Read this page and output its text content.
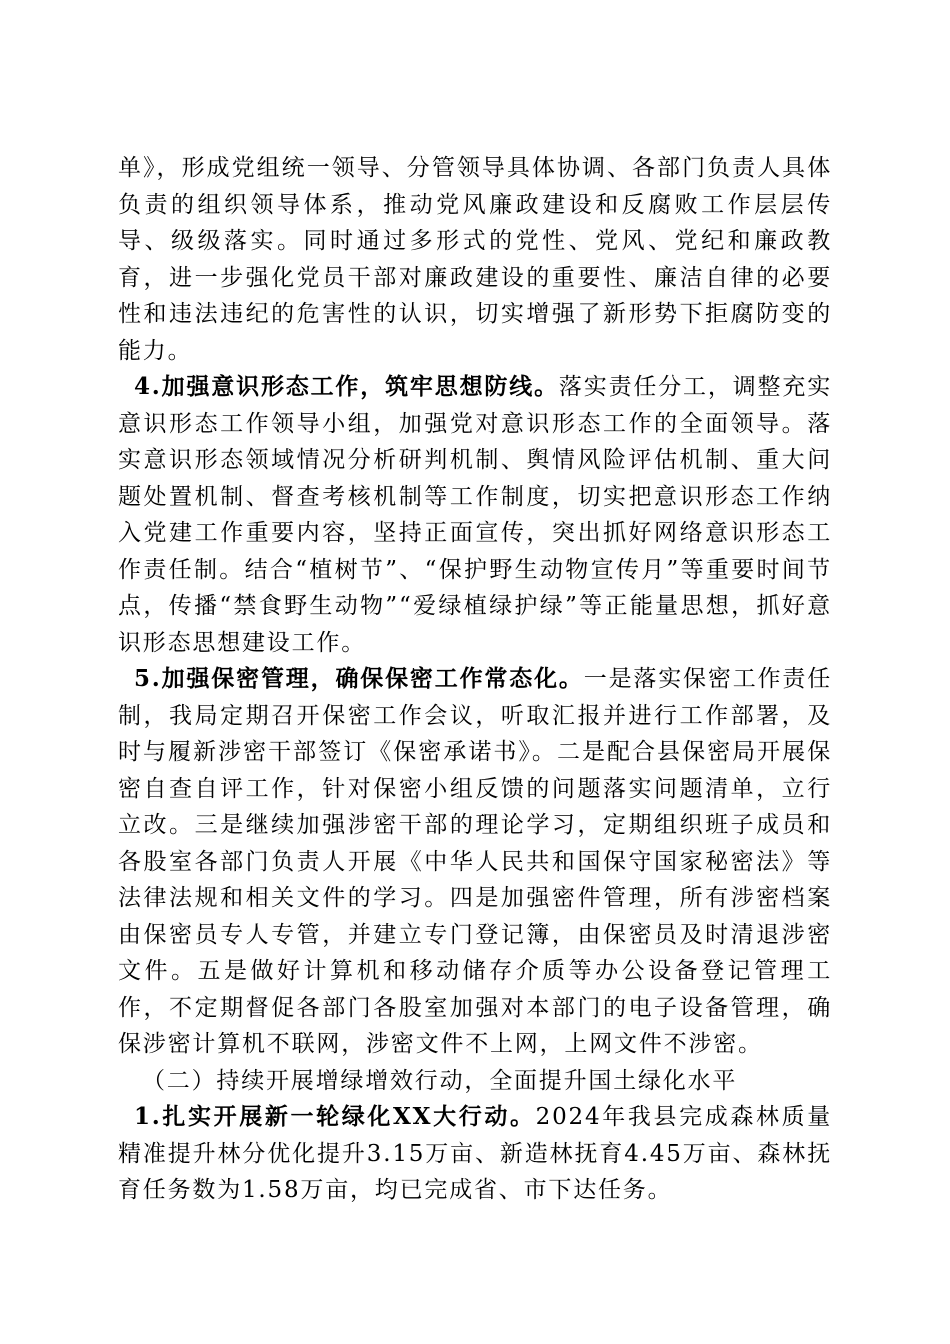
单》，形成党组统一领导、分管领导具体协调、各部门负责人具体负责的组织领导体系，推动党风廉政建设和反腐败工作层层传导、级级落实。同时通过多形式的党性、党风、党纪和廉政教育，进一步强化党员干部对廉政建设的重要性、廉洁自律的必要性和违法违纪的危害性的认识，切实增强了新形势下拒腐防变的能力。

4.加强意识形态工作，筑牢思想防线。落实责任分工，调整充实意识形态工作领导小组，加强党对意识形态工作的全面领导。落实意识形态领域情况分析研判机制、舆情风险评估机制、重大问题处置机制、督查考核机制等工作制度，切实把意识形态工作纳入党建工作重要内容，坚持正面宣传，突出抓好网络意识形态工作责任制。结合“植树节”、“保护野生动物宣传月”等重要时间节点，传播“禁食野生动物”“爱绿植绿护绿”等正能量思想，抓好意识形态思想建设工作。

5.加强保密管理，确保保密工作常态化。一是落实保密工作责任制，我局定期召开保密工作会议，听取汇报并进行工作部署，及时与履新涉密干部签订《保密承诺书》。二是配合县保密局开展保密自查自评工作，针对保密小组反馈的问题落实问题清单，立行立改。三是继续加强涉密干部的理论学习，定期组织班子成员和各股室各部门负责人开展《中华人民共和国保守国家秘密法》等法律法规和相关文件的学习。四是加强密件管理，所有涉密档案由保密员专人专管，并建立专门登记簿，由保密员及时清退涉密文件。五是做好计算机和移动储存介质等办公设备登记管理工作，不定期督促各部门各股室加强对本部门的电子设备管理，确保涉密计算机不联网，涉密文件不上网，上网文件不涉密。

（二）持续开展增绿增效行动，全面提升国土绿化水平

1.扎实开展新一轮绿化XX大行动。2024年我县完成森林质量精准提升林分优化提升3.15万亩、新造林抚育4.45万亩、森林抚育任务数为1.58万亩，均已完成省、市下达任务。
